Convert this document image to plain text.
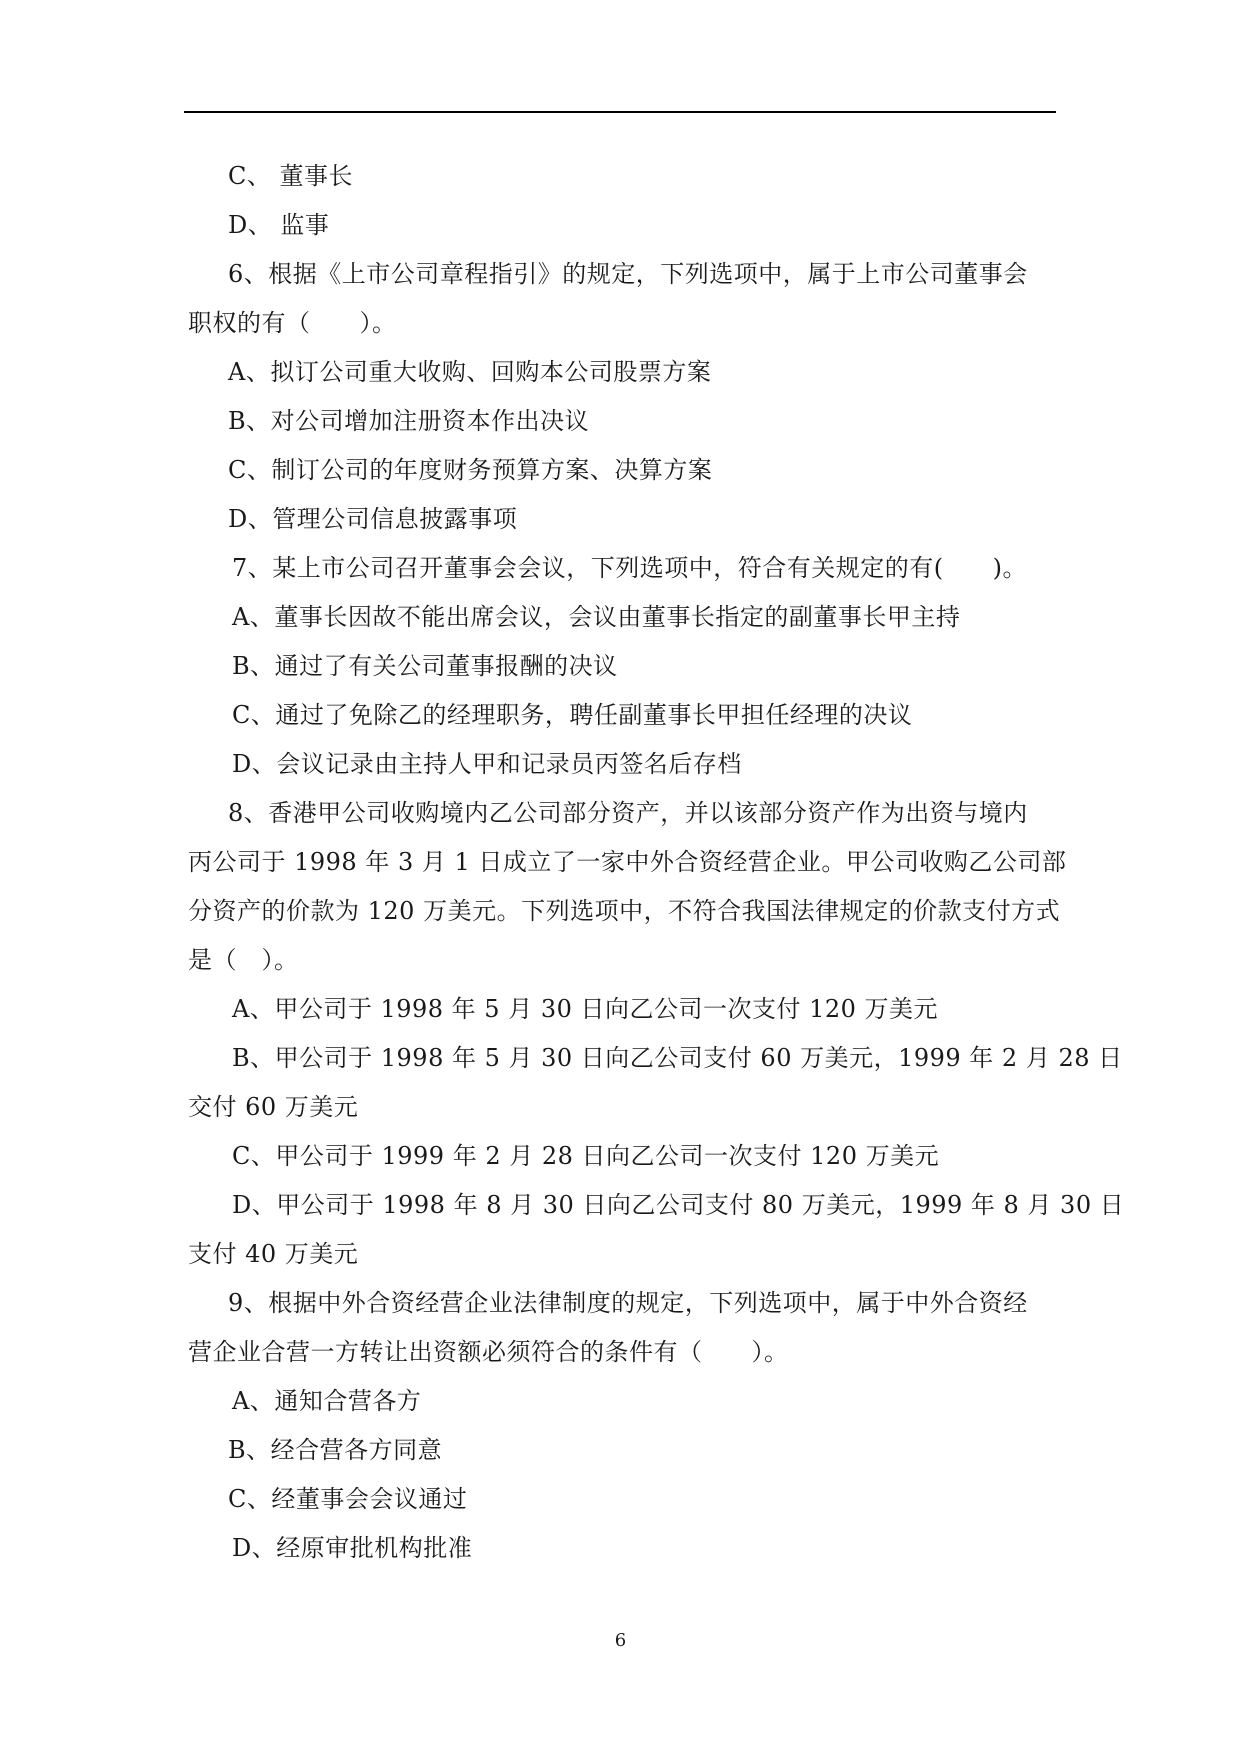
C、 董事长
D、 监事
6、根据《上市公司章程指引》的规定，下列选项中，属于上市公司董事会
职权的有（　　）。
A、拟订公司重大收购、回购本公司股票方案
B、对公司增加注册资本作出决议
C、制订公司的年度财务预算方案、决算方案
D、管理公司信息披露事项
7、某上市公司召开董事会会议，下列选项中，符合有关规定的有(　　)。
A、董事长因故不能出席会议，会议由董事长指定的副董事长甲主持
B、通过了有关公司董事报酬的决议
C、通过了免除乙的经理职务，聘任副董事长甲担任经理的决议
D、会议记录由主持人甲和记录员丙签名后存档
8、香港甲公司收购境内乙公司部分资产，并以该部分资产作为出资与境内
丙公司于 1998 年 3 月 1 日成立了一家中外合资经营企业。甲公司收购乙公司部
分资产的价款为 120 万美元。下列选项中，不符合我国法律规定的价款支付方式
是（　）。
A、甲公司于 1998 年 5 月 30 日向乙公司一次支付 120 万美元
B、甲公司于 1998 年 5 月 30 日向乙公司支付 60 万美元，1999 年 2 月 28 日
交付 60 万美元
C、甲公司于 1999 年 2 月 28 日向乙公司一次支付 120 万美元
D、甲公司于 1998 年 8 月 30 日向乙公司支付 80 万美元，1999 年 8 月 30 日
支付 40 万美元
9、根据中外合资经营企业法律制度的规定，下列选项中，属于中外合资经
营企业合营一方转让出资额必须符合的条件有（　　）。
A、通知合营各方
B、经合营各方同意
C、经董事会会议通过
D、经原审批机构批准
6
